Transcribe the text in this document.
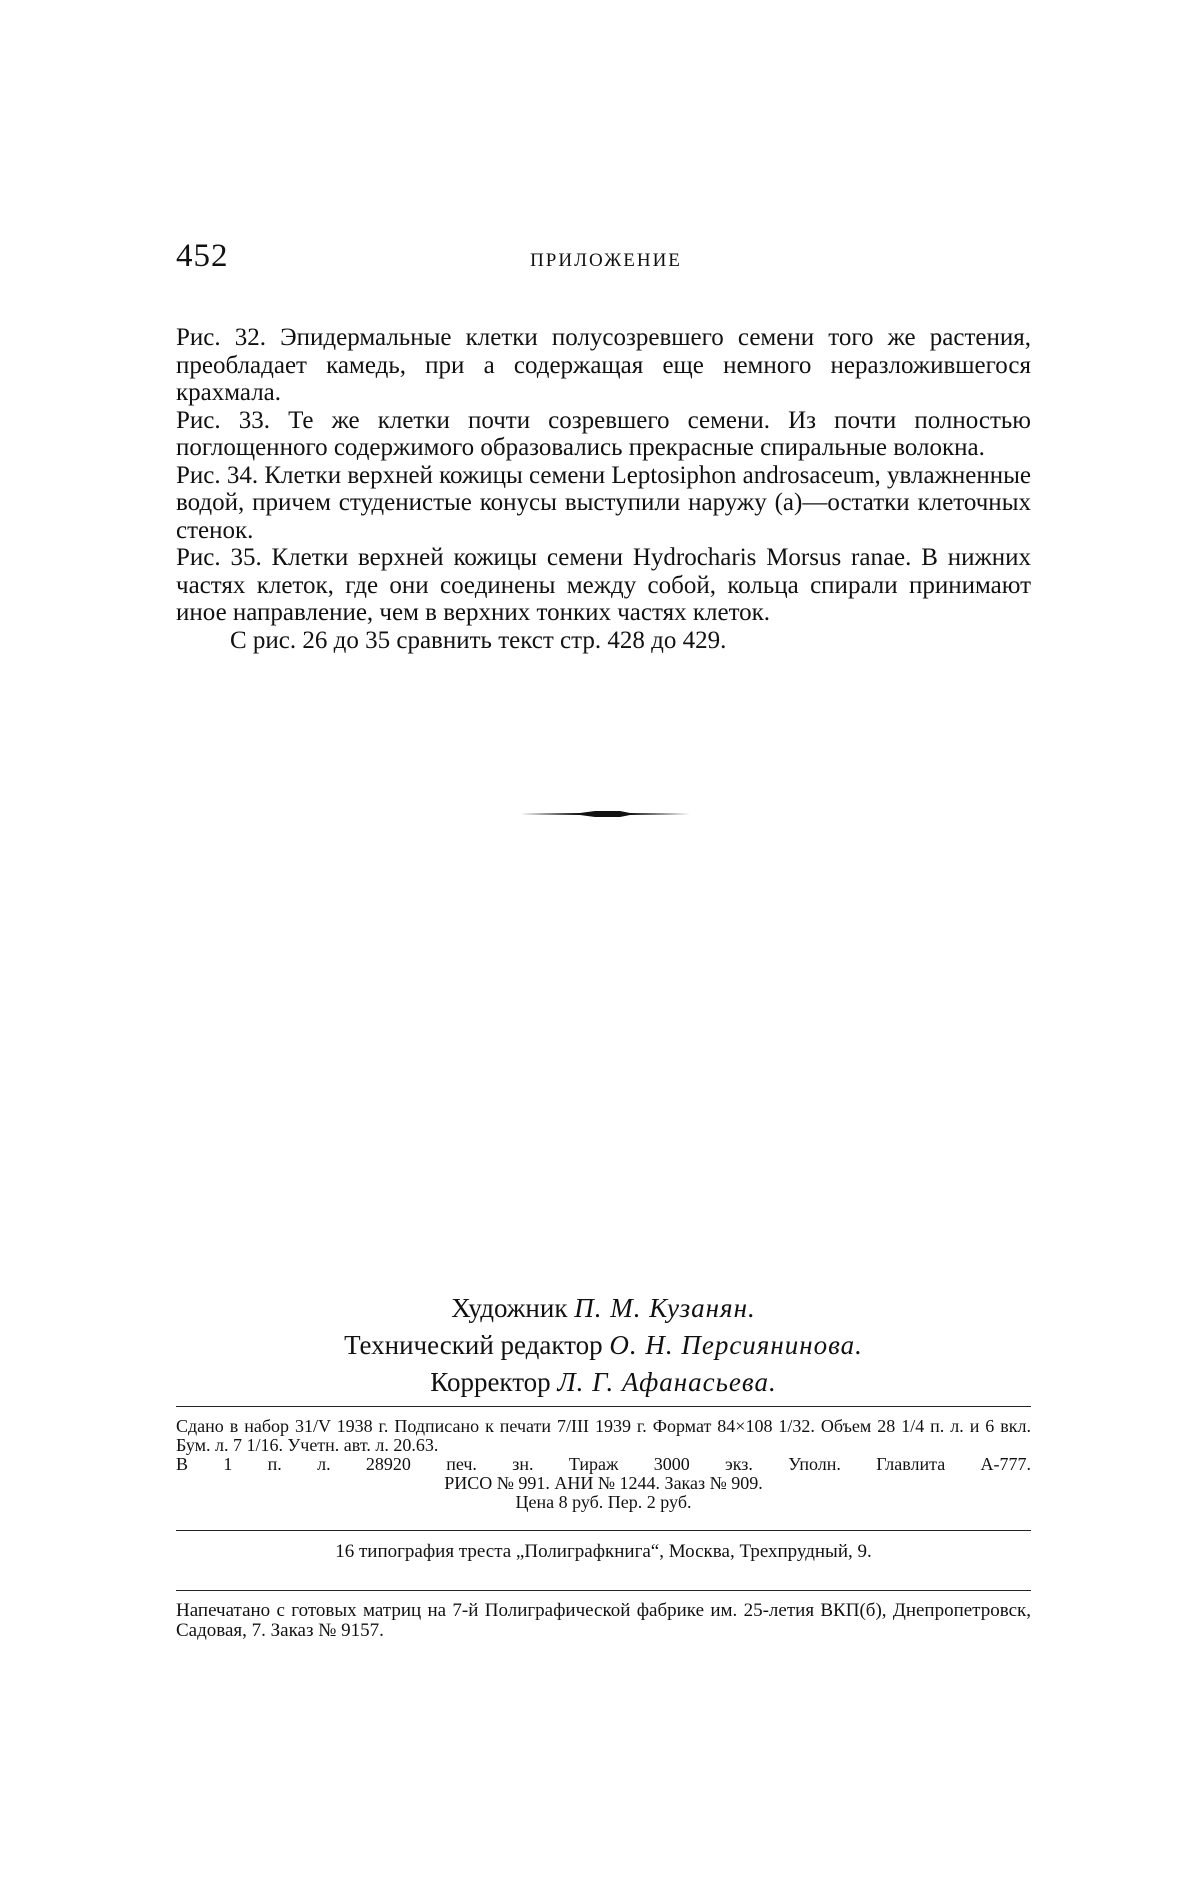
452	ПРИЛОЖЕНИЕ

Рис. 32. Эпидермальные клетки полусозревшего семени того же растения, преобладает камедь, при a содержащая еще немного неразложившегося крахмала.

Рис. 33. Те же клетки почти созревшего семени. Из почти полностью поглощенного содержимого образовались прекрасные спиральные волокна.

Рис. 34. Клетки верхней кожицы семени Leptosiphon androsaceum, увлажненные водой, причем студенистые конусы выступили наружу (a)—остатки клеточных стенок.

Рис. 35. Клетки верхней кожицы семени Hydrocharis Morsus ranae. В нижних частях клеток, где они соединены между собой, кольца спирали принимают иное направление, чем в верхних тонких частях клеток.

С рис. 26 до 35 сравнить текст стр. 428 до 429.

Художник П. М. Кузанян.
Технический редактор О. Н. Персиянинова.
Корректор Л. Г. Афанасьева.
Сдано в набор 31/V 1938 г. Подписано к печати 7/III 1939 г. Формат 84×108 1/32. Объем 28 1/4 п. л. и 6 вкл. Бум. л. 7 1/16. Учетн. авт. л. 20.63.
В 1 п. л. 28920 печ. зн. Тираж 3000 экз. Уполн. Главлита А-777.
РИСО № 991. АНИ № 1244. Заказ № 909.
Цена 8 руб. Пер. 2 руб.
16 типография треста „Полиграфкнига“, Москва, Трехпрудный, 9.
Напечатано с готовых матриц на 7-й Полиграфической фабрике им. 25-летия ВКП(б), Днепропетровск, Садовая, 7. Заказ № 9157.
